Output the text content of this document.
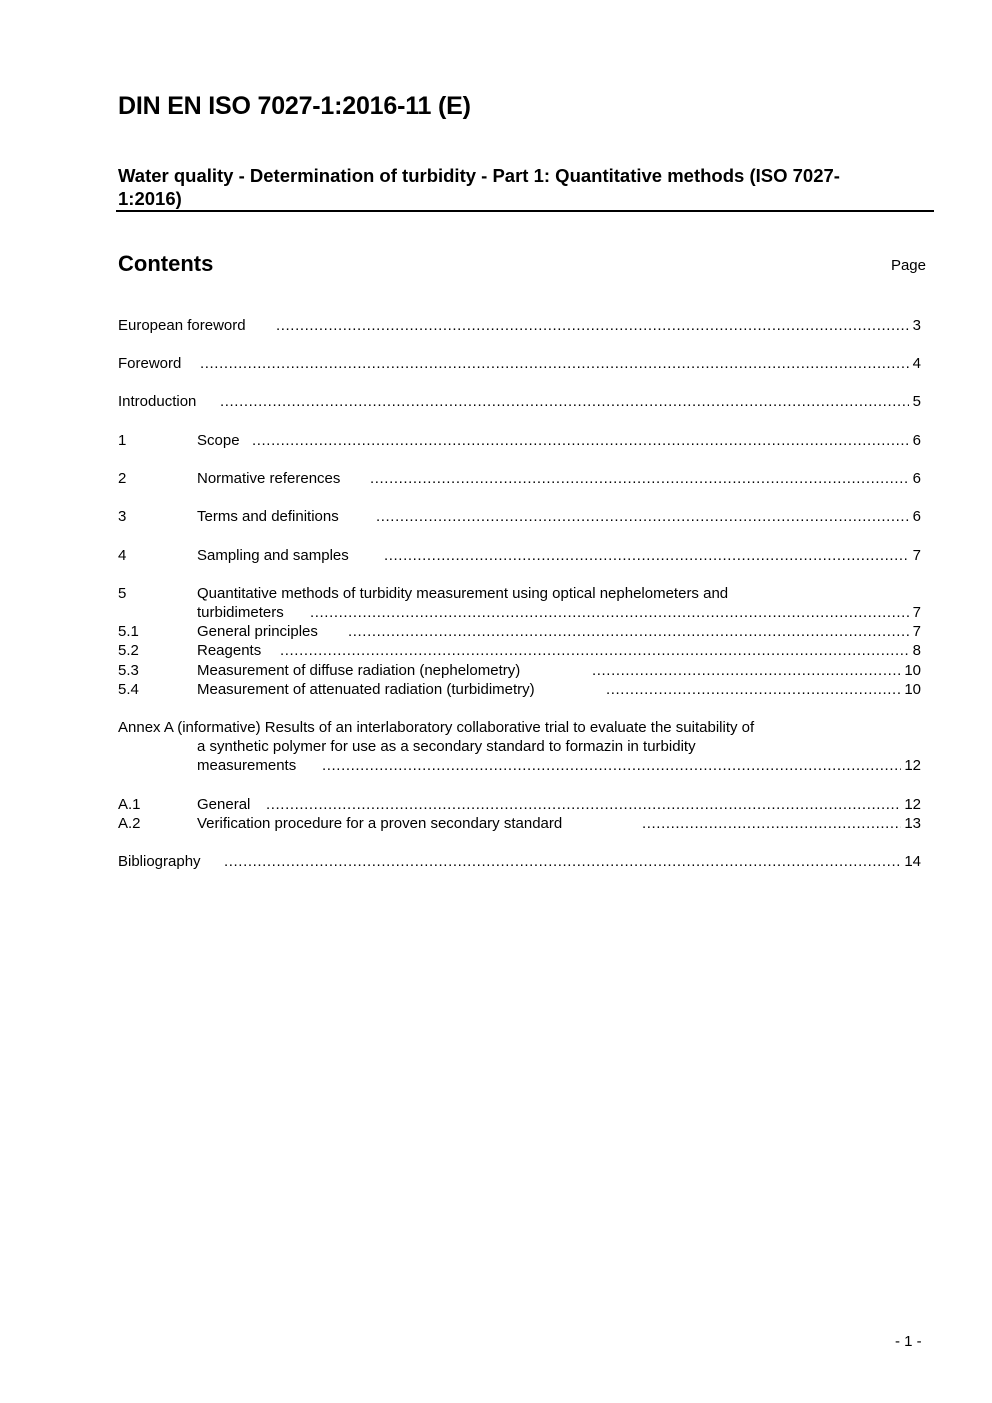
DIN EN ISO 7027-1:2016-11 (E)
Water quality - Determination of turbidity - Part 1: Quantitative methods (ISO 7027-
1:2016)
Contents	Page
European foreword .....	3
Foreword .....	4
Introduction .....	5
1	Scope .....	6
2	Normative references .....	6
3	Terms and definitions .....	6
4	Sampling and samples .....	7
5	Quantitative methods of turbidity measurement using optical nephelometers and
turbidimeters .....	7
5.1	General principles .....	7
5.2	Reagents .....	8
5.3	Measurement of diffuse radiation (nephelometry) .....	10
5.4	Measurement of attenuated radiation (turbidimetry) .....	10
Annex A (informative) Results of an interlaboratory collaborative trial to evaluate the suitability of
a synthetic polymer for use as a secondary standard to formazin in turbidity
measurements .....	12
A.1	General .....	12
A.2	Verification procedure for a proven secondary standard .....	13
Bibliography .....	14
- 1 -
